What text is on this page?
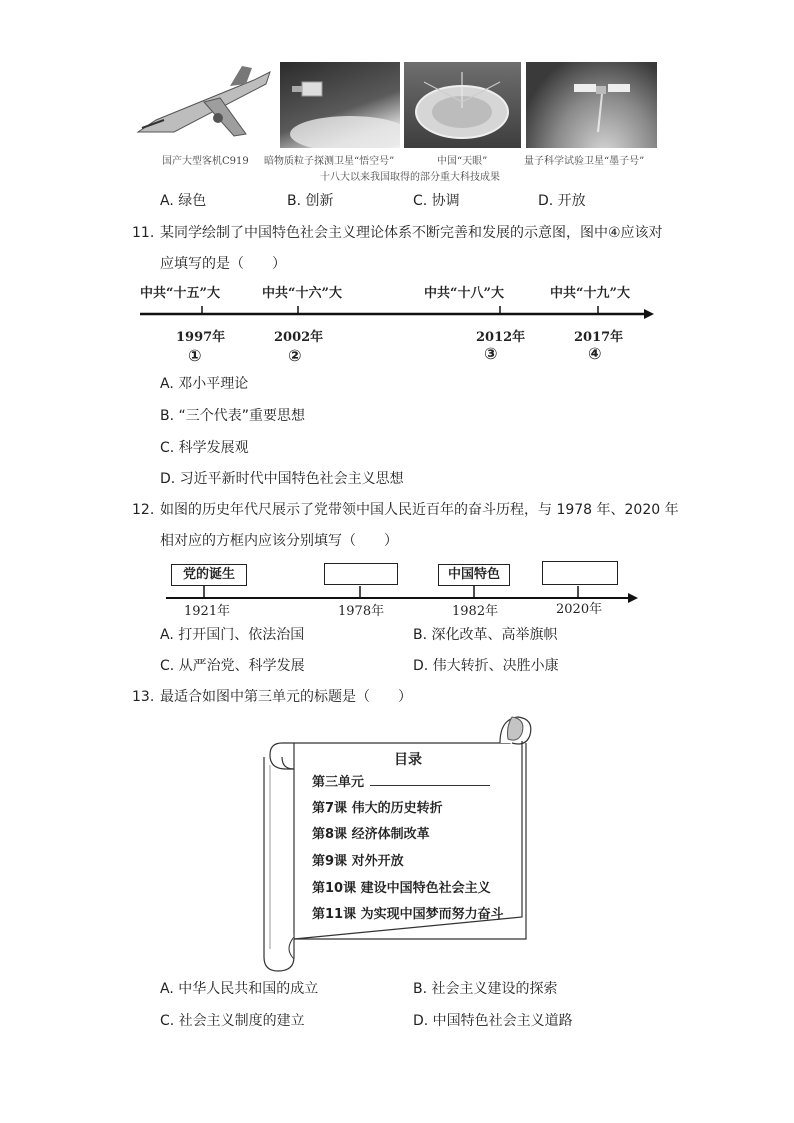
国产大型客机C919 暗物质粒子探测卫星“悟空号”	中国“天眼”	量子科学试验卫星“墨子号”
十八大以来我国取得的部分重大科技成果
A. 绿色	B. 创新	C. 协调	D. 开放
11. 某同学绘制了中国特色社会主义理论体系不断完善和发展的示意图，图中④应该对
应填写的是（　　）
中共“十五”大	中共“十六”大	中共“十八”大	中共“十九”大
1997年	2002年	2012年	2017年
①	②	③	④
A. 邓小平理论
B. “三个代表”重要思想
C. 科学发展观
D. 习近平新时代中国特色社会主义思想
12. 如图的历史年代尺展示了党带领中国人民近百年的奋斗历程，与 1978 年、2020 年
相对应的方框内应该分别填写（　　）
党的诞生	中国特色
1921年	1978年	1982年	2020年
A. 打开国门、依法治国	B. 深化改革、高举旗帜
C. 从严治党、科学发展	D. 伟大转折、决胜小康
13. 最适合如图中第三单元的标题是（　　）
目录
第三单元
第7课 伟大的历史转折
第8课 经济体制改革
第9课 对外开放
第10课 建设中国特色社会主义
第11课 为实现中国梦而努力奋斗
A. 中华人民共和国的成立	B. 社会主义建设的探索
C. 社会主义制度的建立	D. 中国特色社会主义道路
